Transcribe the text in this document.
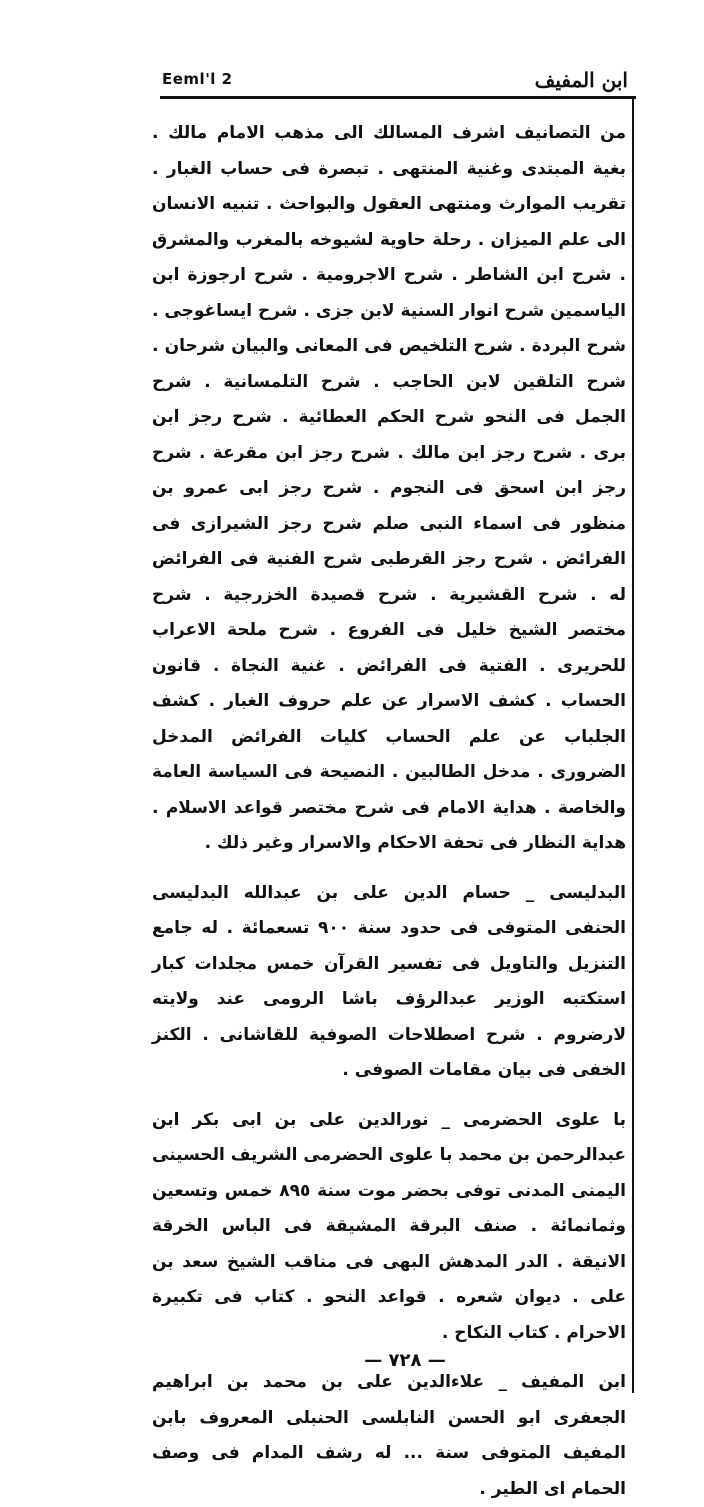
Eeml'l 2	ابن المفيف

من التصانيف اشرف المسالك الى مذهب الامام مالك . بغية المبتدى وغنية المنتهى . تبصرة فى حساب الغبار . تقريب الموارث ومنتهى العقول والبواحث . تنبيه الانسان الى علم الميزان . رحلة حاوية لشيوخه بالمغرب والمشرق . شرح ابن الشاطر . شرح الاجرومية . شرح ارجوزة ابن الياسمين شرح انوار السنية لابن جزى . شرح ايساغوجى . شرح البردة . شرح التلخيص فى المعانى والبيان شرحان . شرح التلقين لابن الحاجب . شرح التلمسانية . شرح الجمل فى النحو شرح الحكم العطائية . شرح رجز ابن برى . شرح رجز ابن مالك . شرح رجز ابن مقرعة . شرح رجز ابن اسحق فى النجوم . شرح رجز ابى عمرو بن منظور فى اسماء النبى صلم شرح رجز الشيرازى فى الفرائض . شرح رجز القرطبى شرح الفنية فى الفرائض له . شرح القشيرية . شرح قصيدة الخزرجية . شرح مختصر الشيخ خليل فى الفروع . شرح ملحة الاعراب للحريرى . الفتية فى الفرائض . غنية النجاة . قانون الحساب . كشف الاسرار عن علم حروف الغبار . كشف الجلباب عن علم الحساب كليات الفرائض المدخل الضرورى . مدخل الطالبين . النصيحة فى السياسة العامة والخاصة . هداية الامام فى شرح مختصر قواعد الاسلام . هداية النظار فى تحفة الاحكام والاسرار وغير ذلك .

البدليسى _ حسام الدين على بن عبدالله البدليسى الحنفى المتوفى فى حدود سنة ٩٠٠ تسعمائة . له جامع التنزيل والتاويل فى تفسير القرآن خمس مجلدات كبار استكتبه الوزير عبدالرؤف باشا الرومى عند ولايته لارضروم . شرح اصطلاحات الصوفية للقاشانى . الكنز الخفى فى بيان مقامات الصوفى .

با علوى الحضرمى _ نورالدين على بن ابى بكر ابن عبدالرحمن بن محمد با علوى الحضرمى الشريف الحسينى اليمنى المدنى توفى بحضر موت سنة ٨٩٥ خمس وتسعين وثمانمائة . صنف البرقة المشيقة فى الباس الخرقة الانيقة . الدر المدهش البهى فى مناقب الشيخ سعد بن على . ديوان شعره . قواعد النحو . كتاب فى تكبيرة الاحرام . كتاب النكاح .

ابن المفيف _ علاءالدين على بن محمد بن ابراهيم الجعفرى ابو الحسن النابلسى الحنبلى المعروف بابن المفيف المتوفى سنة ... له رشف المدام فى وصف الحمام اى الطير .

— ٧٢٨ —
